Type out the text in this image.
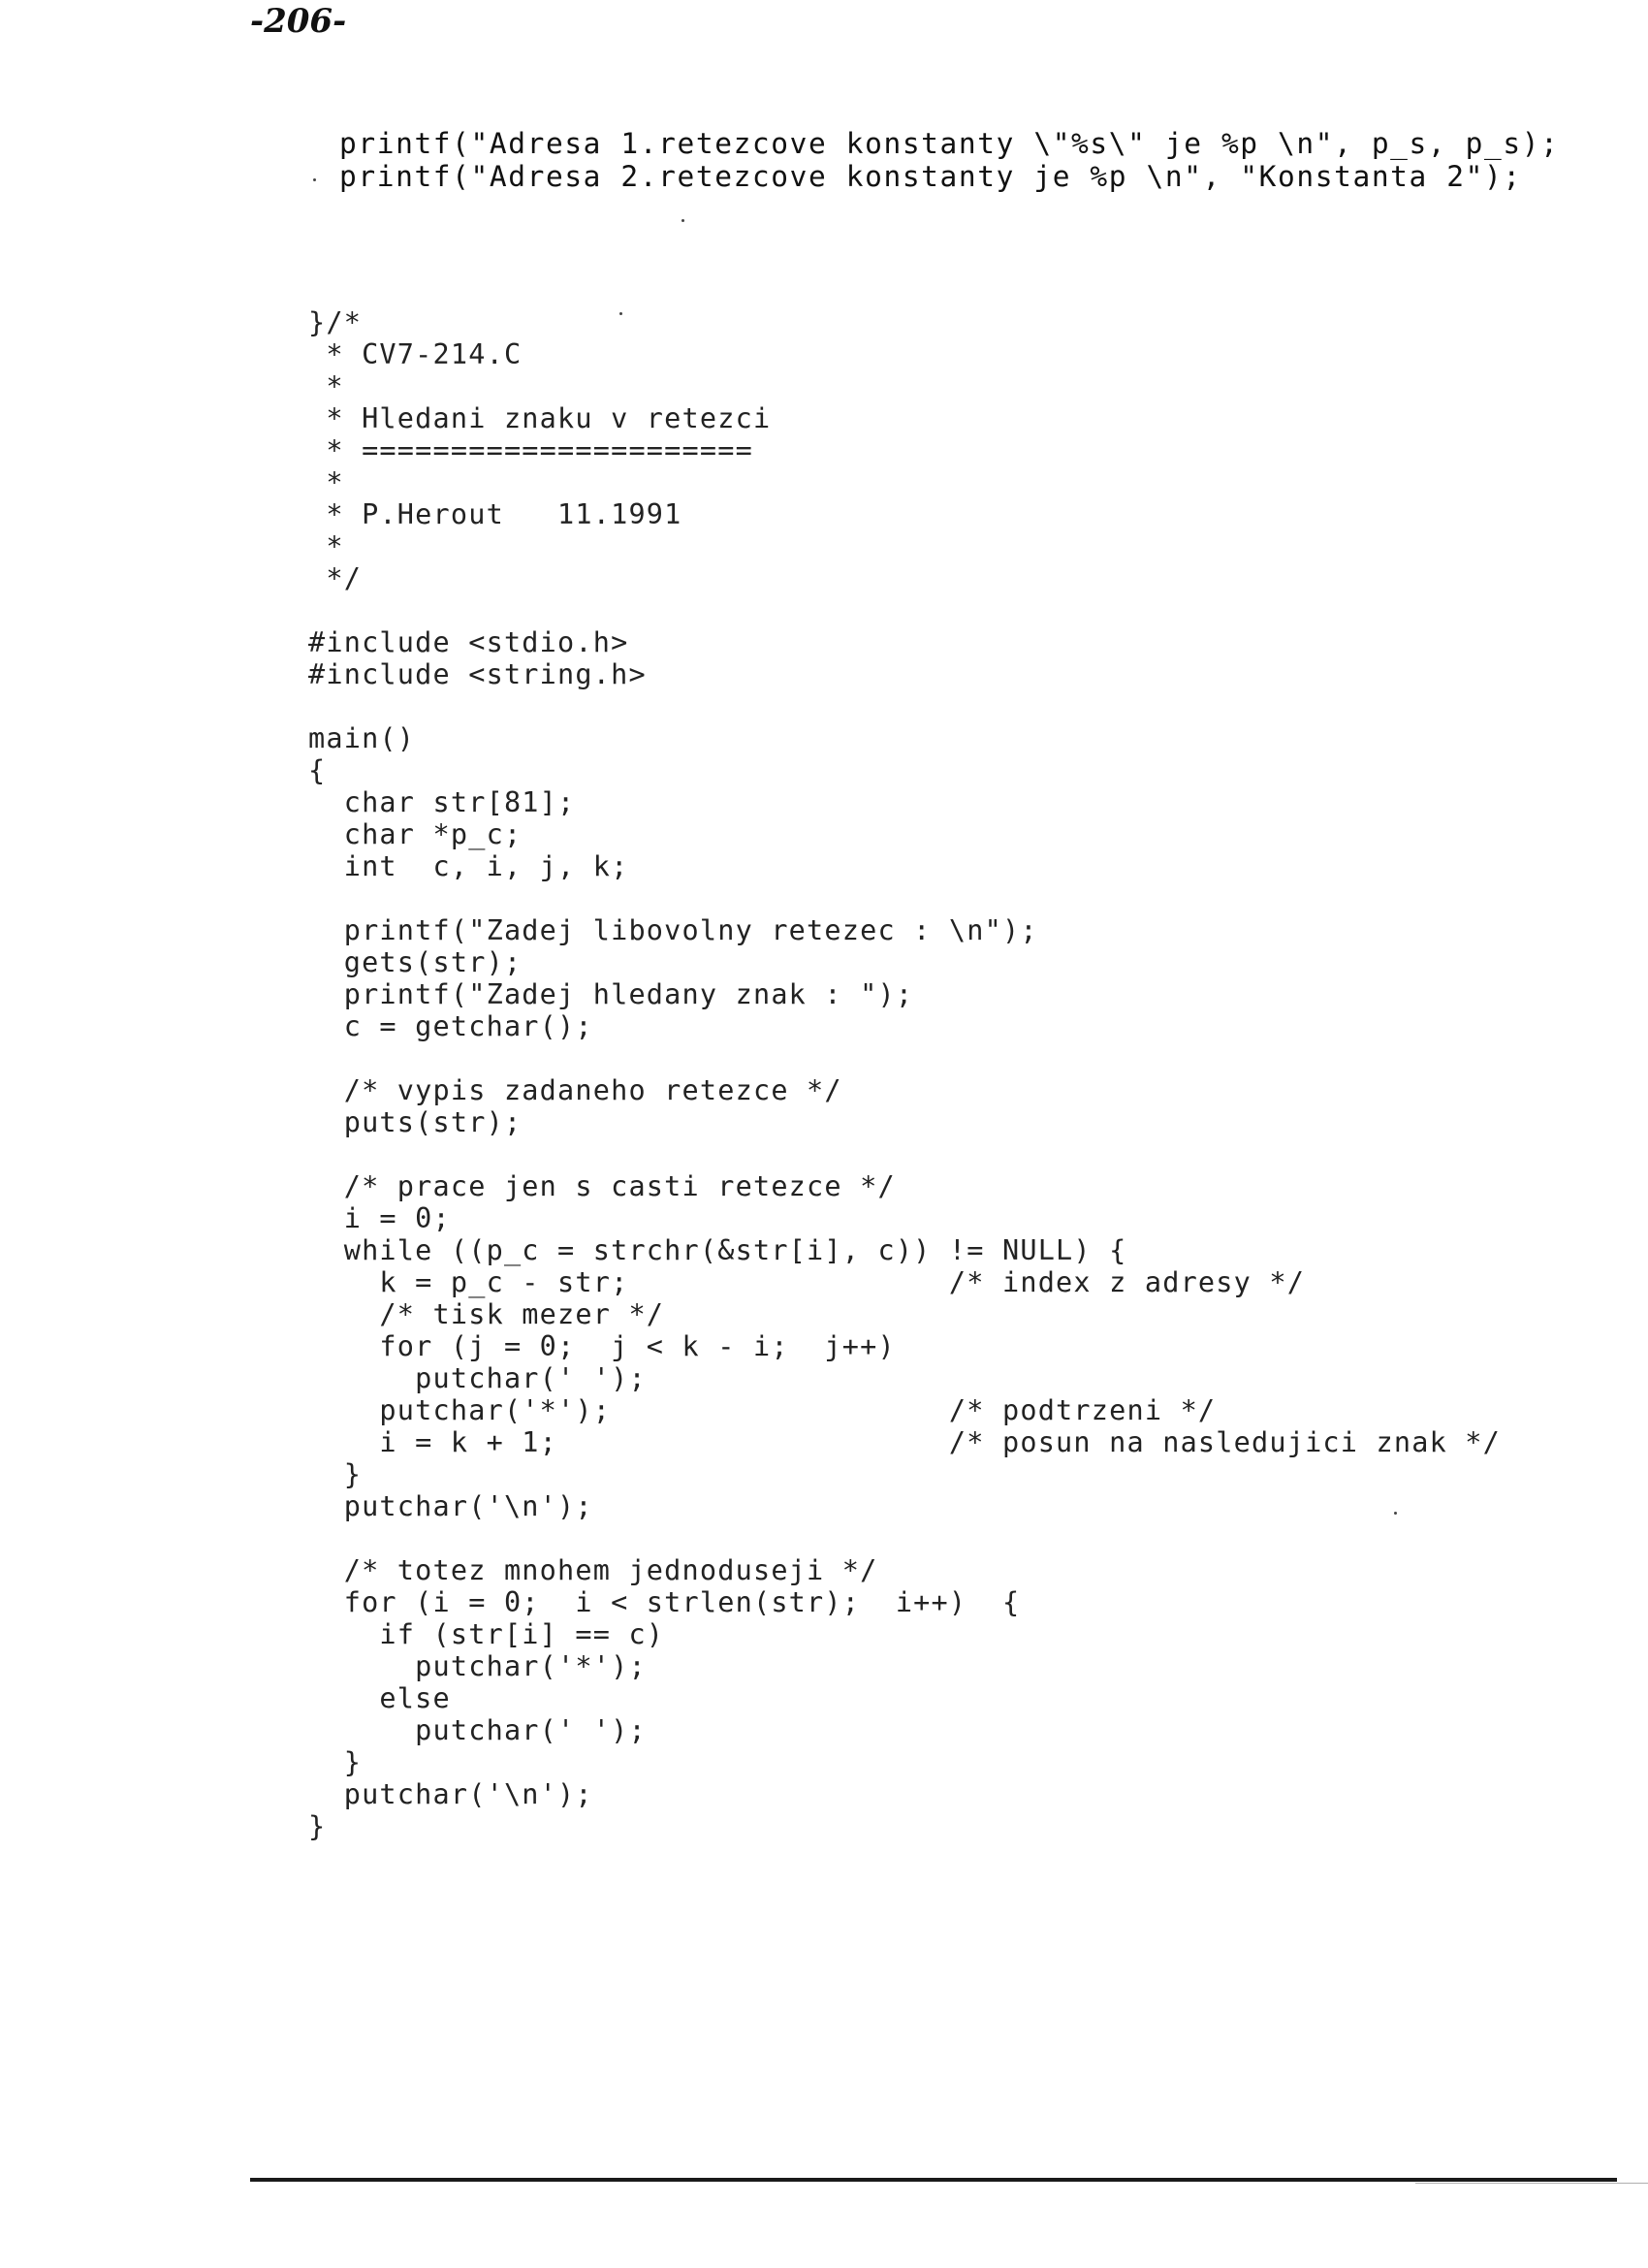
-206-
printf("Adresa 1.retezcove konstanty \"%s\" je %p \n", p_s, p_s);
printf("Adresa 2.retezcove konstanty je %p \n", "Konstanta 2");
}/*
* CV7-214.C
*
* Hledani znaku v retezci
* ======================
*
* P.Herout   11.1991
*
*/
#include <stdio.h>
#include <string.h>
main()
{
char str[81];
char *p_c;
int  c, i, j, k;
printf("Zadej libovolny retezec : \n");
gets(str);
printf("Zadej hledany znak : ");
c = getchar();
/* vypis zadaneho retezce */
puts(str);
/* prace jen s casti retezce */
i = 0;
while ((p_c = strchr(&str[i], c)) != NULL) {
k = p_c - str;                  /* index z adresy */
/* tisk mezer */
for (j = 0;  j < k - i;  j++)
putchar(' ');
putchar('*');                   /* podtrzeni */
i = k + 1;                      /* posun na nasledujici znak */
}
putchar('\n');
/* totez mnohem jednoduseji */
for (i = 0;  i < strlen(str);  i++)  {
if (str[i] == c)
putchar('*');
else
putchar(' ');
}
putchar('\n');
}
